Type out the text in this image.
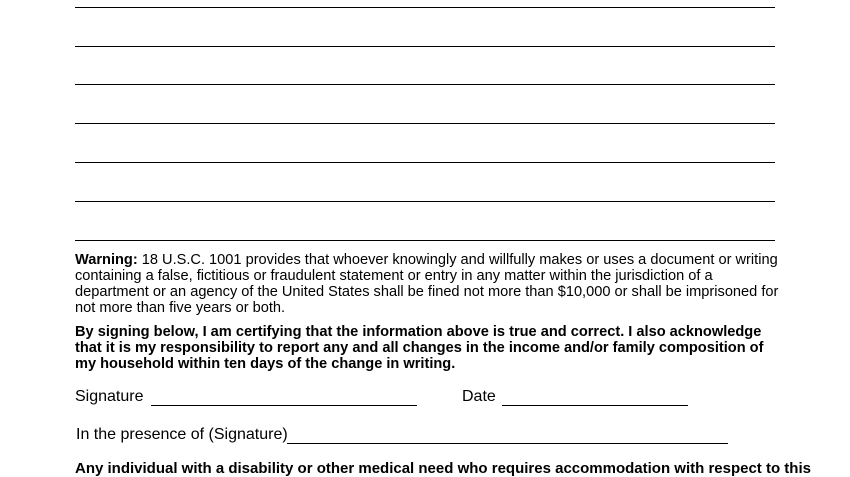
Warning: 18 U.S.C. 1001 provides that whoever knowingly and willfully makes or uses a document or writing containing a false, fictitious or fraudulent statement or entry in any matter within the jurisdiction of a department or an agency of the United States shall be fined not more than $10,000 or shall be imprisoned for not more than five years or both.
By signing below, I am certifying that the information above is true and correct. I also acknowledge that it is my responsibility to report any and all changes in the income and/or family composition of my household within ten days of the change in writing.
Signature	Date
In the presence of (Signature)
Any individual with a disability or other medical need who requires accommodation with respect to this
